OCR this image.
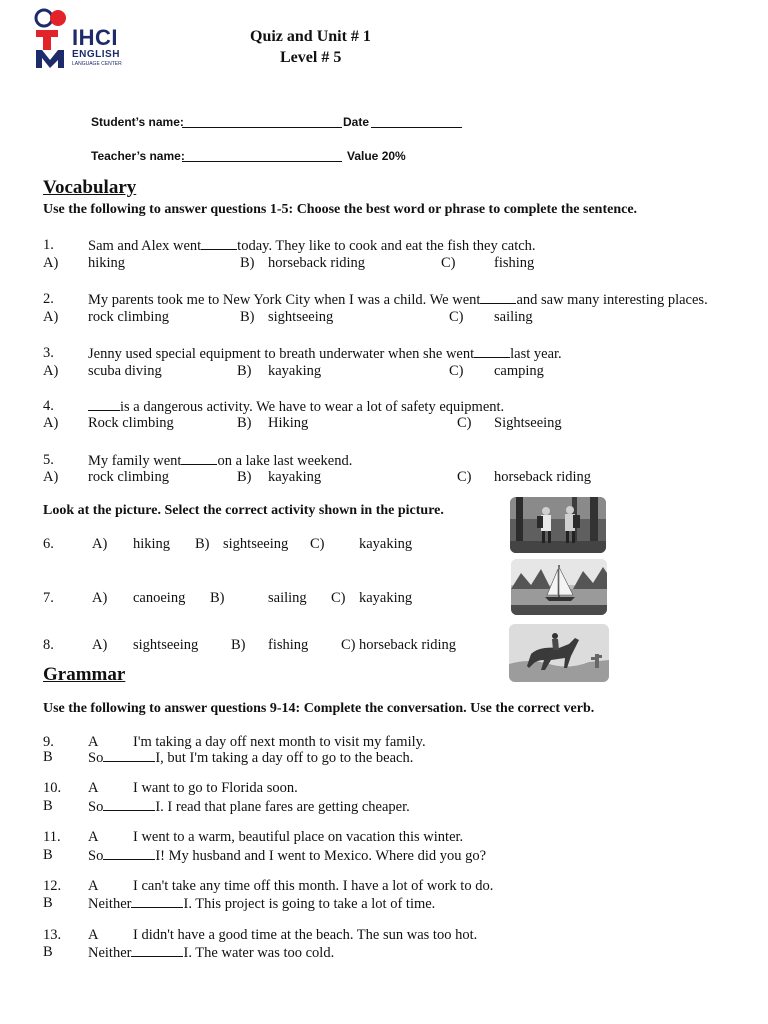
IHCI
ENGLISH
LANGUAGE CENTER
Quiz and Unit # 1
Level # 5
Student’s name:	Date
Teacher’s name:	Value 20%
Vocabulary
Use the following to answer questions 1-5: Choose the best word or phrase to complete the sentence.
1. Sam and Alex went today. They like to cook and eat the fish they catch.
A) hiking	B) horseback riding	C)	fishing
2. My parents took me to New York City when I was a child. We went and saw many interesting places.
A) rock climbing	B) sightseeing	C) sailing
3. Jenny used special equipment to breath underwater when she went last year.
A) scuba diving	B) kayaking	C) camping
4.	is a dangerous activity. We have to wear a lot of safety equipment.
A) Rock climbing	B) Hiking	C) Sightseeing
5. My family went on a lake last weekend.
A) rock climbing	B) kayaking	C) horseback riding
Look at the picture. Select the correct activity shown in the picture.
6.	A) hiking B) sightseeing C) kayaking
7.	A) canoeing B)	sailing C) kayaking
8.	A) sightseeing B) fishing C) horseback riding
Grammar
Use the following to answer questions 9-14: Complete the conversation. Use the correct verb.
9. A I'm taking a day off next month to visit my family.
B So	I, but I'm taking a day off to go to the beach.
10. A I want to go to Florida soon.
B So	I. I read that plane fares are getting cheaper.
11. A I went to a warm, beautiful place on vacation this winter.
B So	I! My husband and I went to Mexico. Where did you go?
12. A I can't take any time off this month. I have a lot of work to do.
B Neither	I. This project is going to take a lot of time.
13. A I didn't have a good time at the beach. The sun was too hot.
B Neither	I. The water was too cold.
